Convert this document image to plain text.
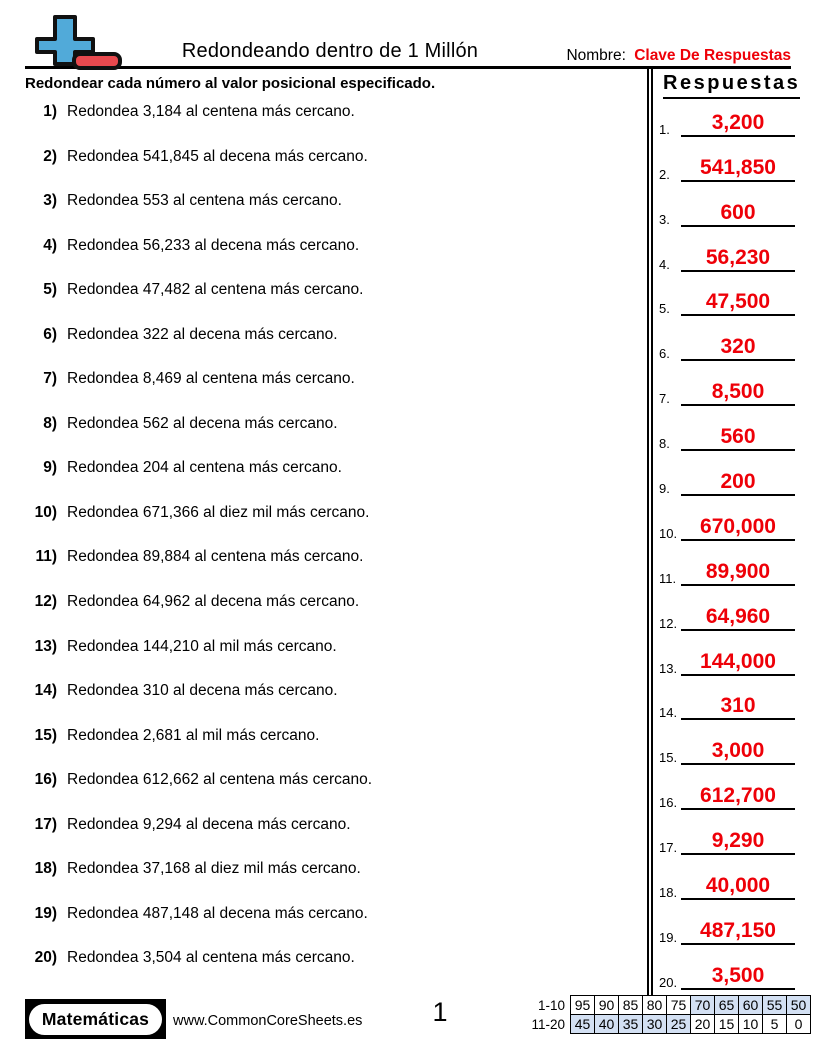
Redondeando dentro de 1 Millón	Nombre: Clave De Respuestas
Redondear cada número al valor posicional especificado.	Respuestas
1) Redondea 3,184 al centena más cercano.
2) Redondea 541,845 al decena más cercano.
3) Redondea 553 al centena más cercano.
4) Redondea 56,233 al decena más cercano.
5) Redondea 47,482 al centena más cercano.
6) Redondea 322 al decena más cercano.
7) Redondea 8,469 al centena más cercano.
8) Redondea 562 al decena más cercano.
9) Redondea 204 al centena más cercano.
10) Redondea 671,366 al diez mil más cercano.
11) Redondea 89,884 al centena más cercano.
12) Redondea 64,962 al decena más cercano.
13) Redondea 144,210 al mil más cercano.
14) Redondea 310 al decena más cercano.
15) Redondea 2,681 al mil más cercano.
16) Redondea 612,662 al centena más cercano.
17) Redondea 9,294 al decena más cercano.
18) Redondea 37,168 al diez mil más cercano.
19) Redondea 487,148 al decena más cercano.
20) Redondea 3,504 al centena más cercano.
1.	3,200
2.	541,850
3.	600
4.	56,230
5.	47,500
6.	320
7.	8,500
8.	560
9.	200
10.	670,000
11.	89,900
12.	64,960
13.	144,000
14.	310
15.	3,000
16.	612,700
17.	9,290
18.	40,000
19.	487,150
20.	3,500
Matemáticas	www.CommonCoreSheets.es	1	1-10	95	90	85	80	75	70	65	60	55	50
11-20	45	40	35	30	25	20	15	10	5	0
